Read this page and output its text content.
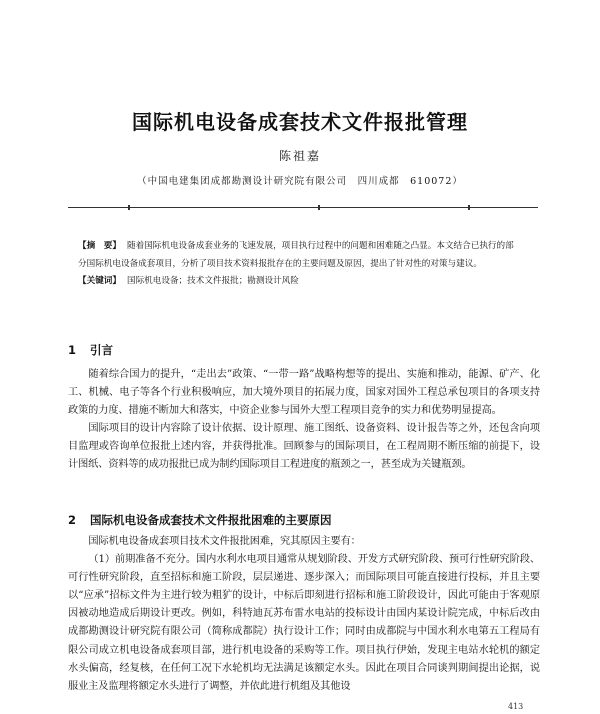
国际机电设备成套技术文件报批管理
陈祖嘉
（中国电建集团成都勘测设计研究院有限公司　四川成都　610072）

【摘　要】 随着国际机电设备成套业务的飞速发展，项目执行过程中的问题和困难随之凸显。本文结合已执行的部分国际机电设备成套项目，分析了项目技术资料报批存在的主要问题及原因，提出了针对性的对策与建议。

【关键词】 国际机电设备；技术文件报批；勘测设计风险

1 引言

随着综合国力的提升，“走出去”政策、“一带一路”战略构想等的提出、实施和推动，能源、矿产、化工、机械、电子等各个行业积极响应，加大境外项目的拓展力度，国家对国外工程总承包项目的各项支持政策的力度、措施不断加大和落实，中资企业参与国外大型工程项目竞争的实力和优势明显提高。

国际项目的设计内容除了设计依据、设计原理、施工图纸、设备资料、设计报告等之外，还包含向项目监理或咨询单位报批上述内容，并获得批准。回顾参与的国际项目，在工程周期不断压缩的前提下，设计图纸、资料等的成功报批已成为制约国际项目工程进度的瓶颈之一，甚至成为关键瓶颈。

2 国际机电设备成套技术文件报批困难的主要原因

国际机电设备成套项目技术文件报批困难，究其原因主要有：

（1）前期准备不充分。国内水利水电项目通常从规划阶段、开发方式研究阶段、预可行性研究阶段、可行性研究阶段，直至招标和施工阶段，层层递进、逐步深入；而国际项目可能直接进行投标，并且主要以“应承”招标文件为主进行较为粗犷的设计，中标后即刻进行招标和施工阶段设计，因此可能由于客观原因被动地造成后期设计更改。例如，科特迪瓦苏布雷水电站的投标设计由国内某设计院完成，中标后改由成都勘测设计研究院有限公司（简称成都院）执行设计工作；同时由成都院与中国水利水电第五工程局有限公司成立机电设备成套项目部，进行机电设备的采购等工作。项目执行伊始，发现主电站水轮机的额定水头偏高，经复核，在任何工况下水轮机均无法满足该额定水头。因此在项目合同谈判期间提出论据，说服业主及监理将额定水头进行了调整，并依此进行机组及其他设

413
